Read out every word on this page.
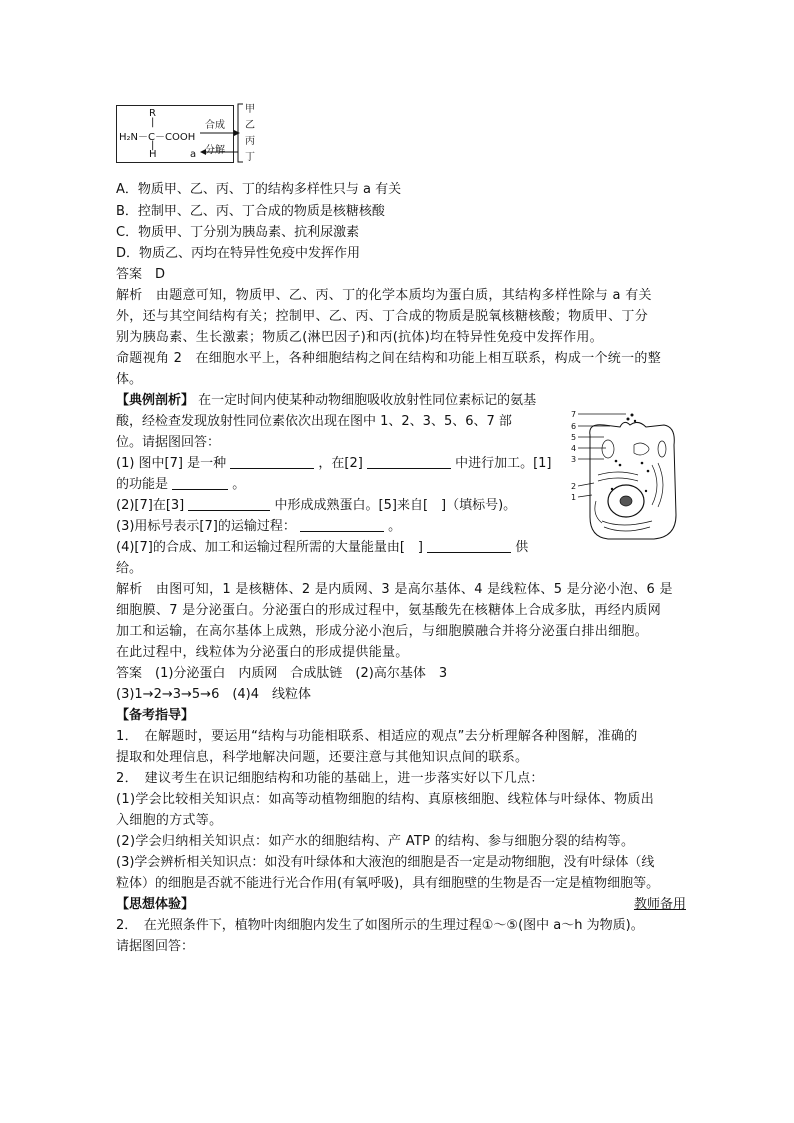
R
|
H₂N－C－COOH
|
H	a
合成
分解
甲
乙
丙
丁
A．物质甲、乙、丙、丁的结构多样性只与 a 有关
B．控制甲、乙、丙、丁合成的物质是核糖核酸
C．物质甲、丁分别为胰岛素、抗利尿激素
D．物质乙、丙均在特异性免疫中发挥作用
答案　D
解析　由题意可知，物质甲、乙、丙、丁的化学本质均为蛋白质，其结构多样性除与 a 有关
外，还与其空间结构有关；控制甲、乙、丙、丁合成的物质是脱氧核糖核酸；物质甲、丁分
别为胰岛素、生长激素；物质乙(淋巴因子)和丙(抗体)均在特异性免疫中发挥作用。
命题视角 2　在细胞水平上，各种细胞结构之间在结构和功能上相互联系，构成一个统一的整
体。
【典例剖析】 在一定时间内使某种动物细胞吸收放射性同位素标记的氨基
酸，经检查发现放射性同位素依次出现在图中 1、2、3、5、6、7 部
位。请据图回答：
(1) 图中[7] 是一种	，在[2]	中进行加工。[1]
的功能是	。
(2)[7]在[3]	中形成成熟蛋白。[5]来自[　]（填标号)。
(3)用标号表示[7]的运输过程：	。
(4)[7]的合成、加工和运输过程所需的大量能量由[　]	供
给。
7
6
5
4
3
2
1
解析　由图可知，1 是核糖体、2 是内质网、3 是高尔基体、4 是线粒体、5 是分泌小泡、6 是
细胞膜、7 是分泌蛋白。分泌蛋白的形成过程中，氨基酸先在核糖体上合成多肽，再经内质网
加工和运输，在高尔基体上成熟，形成分泌小泡后，与细胞膜融合并将分泌蛋白排出细胞。
在此过程中，线粒体为分泌蛋白的形成提供能量。
答案　(1)分泌蛋白　内质网　合成肽链　(2)高尔基体　3
(3)1→2→3→5→6　(4)4　线粒体
【备考指导】
1．　在解题时，要运用“结构与功能相联系、相适应的观点”去分析理解各种图解，准确的
提取和处理信息，科学地解决问题，还要注意与其他知识点间的联系。
2．　建议考生在识记细胞结构和功能的基础上，进一步落实好以下几点：
(1)学会比较相关知识点：如高等动植物细胞的结构、真原核细胞、线粒体与叶绿体、物质出
入细胞的方式等。
(2)学会归纳相关知识点：如产水的细胞结构、产 ATP 的结构、参与细胞分裂的结构等。
(3)学会辨析相关知识点：如没有叶绿体和大液泡的细胞是否一定是动物细胞，没有叶绿体（线
粒体）的细胞是否就不能进行光合作用(有氧呼吸)，具有细胞壁的生物是否一定是植物细胞等。
【思想体验】	教师备用
2．　在光照条件下，植物叶肉细胞内发生了如图所示的生理过程①～⑤(图中 a～h 为物质)。
请据图回答：
